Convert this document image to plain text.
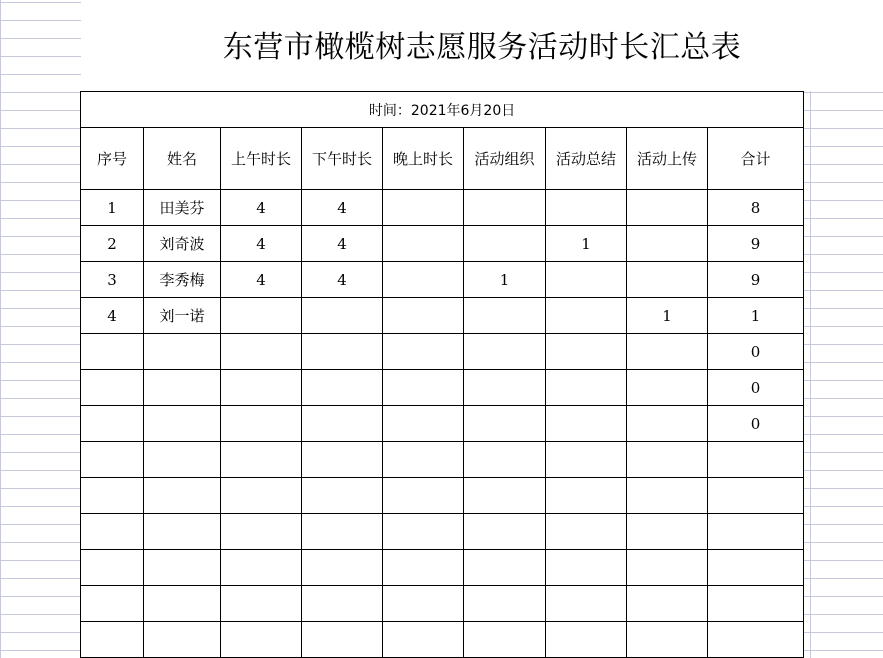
东营市橄榄树志愿服务活动时长汇总表
时间：2021年6月20日								
序号	姓名	上午时长	下午时长	晚上时长	活动组织	活动总结	活动上传	合计
1	田美芬	4	4					8
2	刘奇波	4	4			1		9
3	李秀梅	4	4		1			9
4	刘一诺						1	1
								0
								0
								0
